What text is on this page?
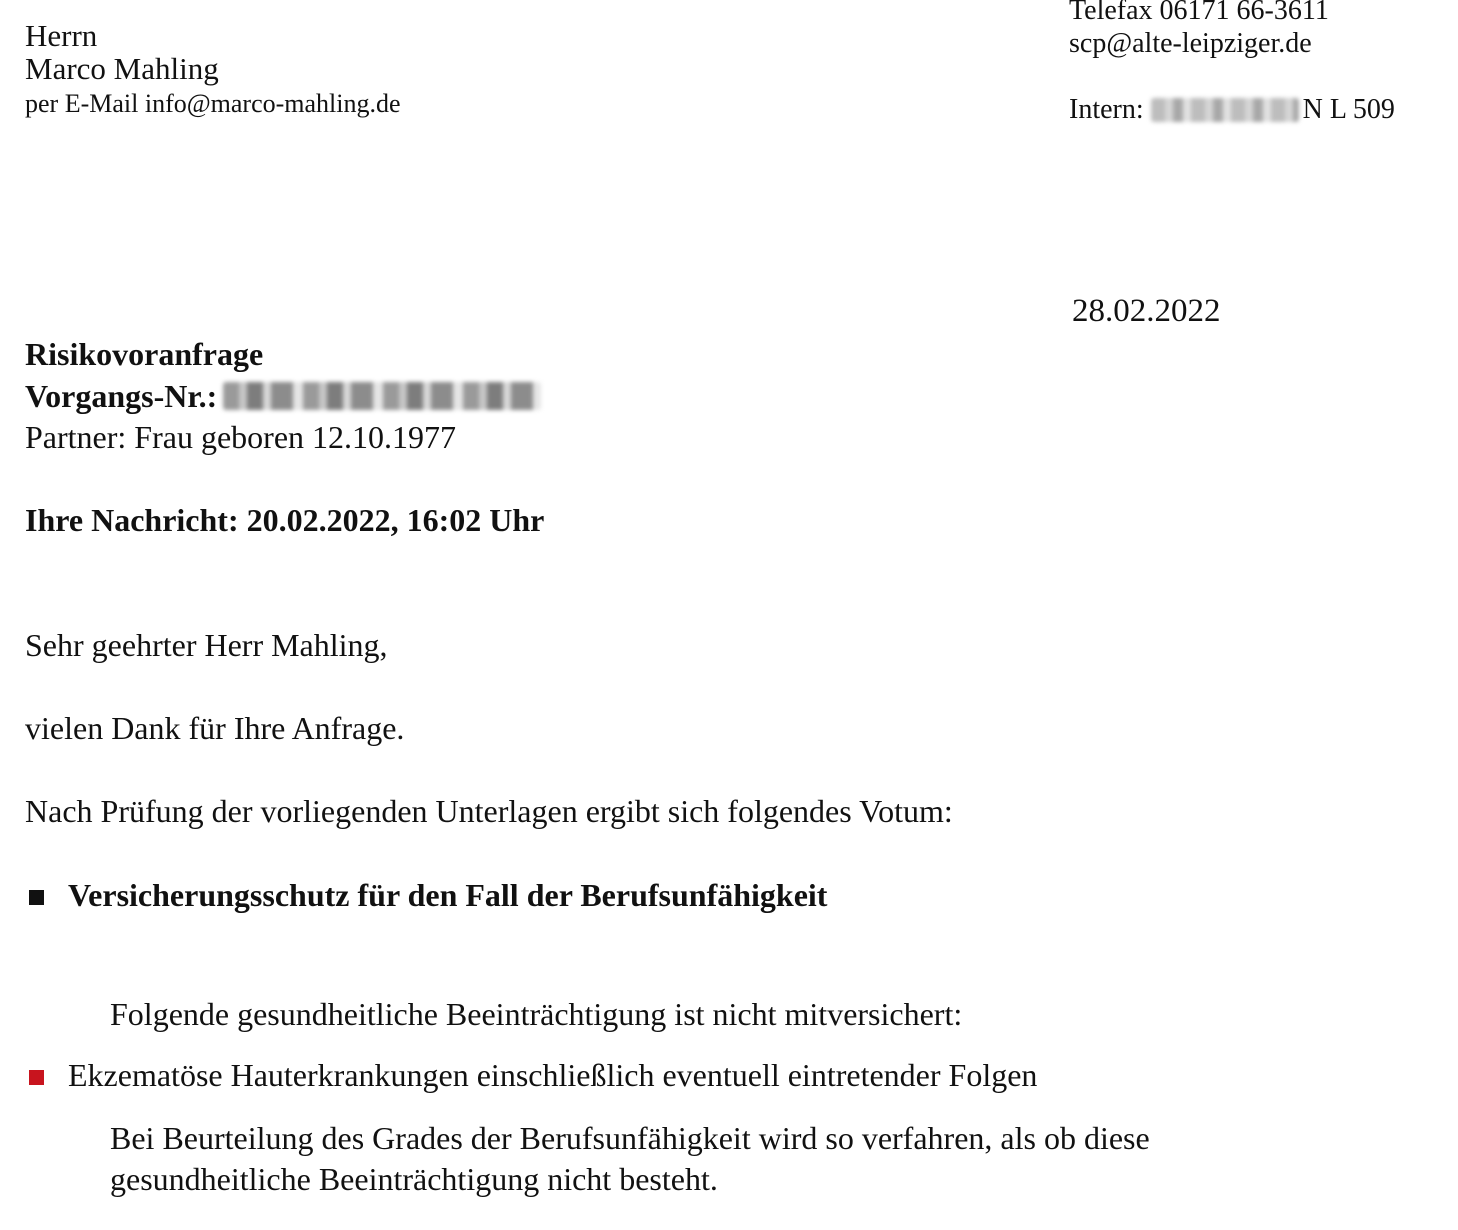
Herrn
Marco Mahling
per E-Mail info@marco-mahling.de
Telefax 06171 66-3611
scp@alte-leipziger.de
Intern:	N L 509
28.02.2022
Risikovoranfrage
Vorgangs-Nr.:
Partner: Frau geboren 12.10.1977
Ihre Nachricht: 20.02.2022, 16:02 Uhr
Sehr geehrter Herr Mahling,
vielen Dank für Ihre Anfrage.
Nach Prüfung der vorliegenden Unterlagen ergibt sich folgendes Votum:
Versicherungsschutz für den Fall der Berufsunfähigkeit
Folgende gesundheitliche Beeinträchtigung ist nicht mitversichert:
Ekzematöse Hauterkrankungen einschließlich eventuell eintretender Folgen
Bei Beurteilung des Grades der Berufsunfähigkeit wird so verfahren, als ob diese
gesundheitliche Beeinträchtigung nicht besteht.
